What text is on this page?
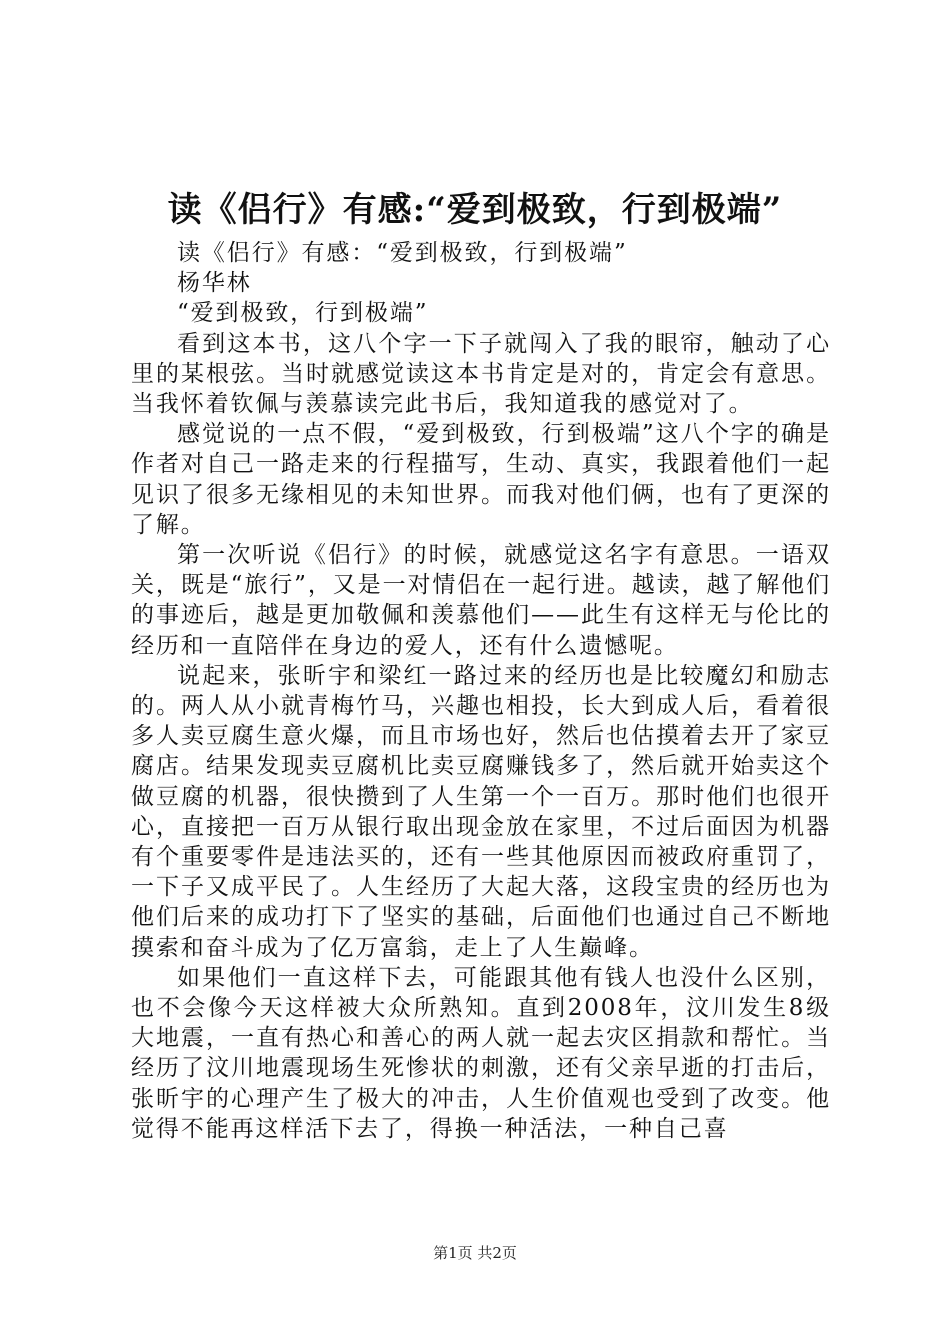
读《侣行》有感:“爱到极致，行到极端”

读《侣行》有感：“爱到极致，行到极端”

杨华林

“爱到极致，行到极端”

看到这本书，这八个字一下子就闯入了我的眼帘，触动了心里的某根弦。当时就感觉读这本书肯定是对的，肯定会有意思。当我怀着钦佩与羡慕读完此书后，我知道我的感觉对了。

感觉说的一点不假，“爱到极致，行到极端”这八个字的确是作者对自己一路走来的行程描写，生动、真实，我跟着他们一起见识了很多无缘相见的未知世界。而我对他们俩，也有了更深的了解。

第一次听说《侣行》的时候，就感觉这名字有意思。一语双关，既是“旅行”，又是一对情侣在一起行进。越读，越了解他们的事迹后，越是更加敬佩和羡慕他们——此生有这样无与伦比的经历和一直陪伴在身边的爱人，还有什么遗憾呢。

说起来，张昕宇和梁红一路过来的经历也是比较魔幻和励志的。两人从小就青梅竹马，兴趣也相投，长大到成人后，看着很多人卖豆腐生意火爆，而且市场也好，然后也估摸着去开了家豆腐店。结果发现卖豆腐机比卖豆腐赚钱多了，然后就开始卖这个做豆腐的机器，很快攒到了人生第一个一百万。那时他们也很开心，直接把一百万从银行取出现金放在家里，不过后面因为机器有个重要零件是违法买的，还有一些其他原因而被政府重罚了，一下子又成平民了。人生经历了大起大落，这段宝贵的经历也为他们后来的成功打下了坚实的基础，后面他们也通过自己不断地摸索和奋斗成为了亿万富翁，走上了人生巅峰。

如果他们一直这样下去，可能跟其他有钱人也没什么区别，也不会像今天这样被大众所熟知。直到2008年，汶川发生8级大地震，一直有热心和善心的两人就一起去灾区捐款和帮忙。当经历了汶川地震现场生死惨状的刺激，还有父亲早逝的打击后，张昕宇的心理产生了极大的冲击，人生价值观也受到了改变。他觉得不能再这样活下去了，得换一种活法，一种自己喜

第1页 共2页
